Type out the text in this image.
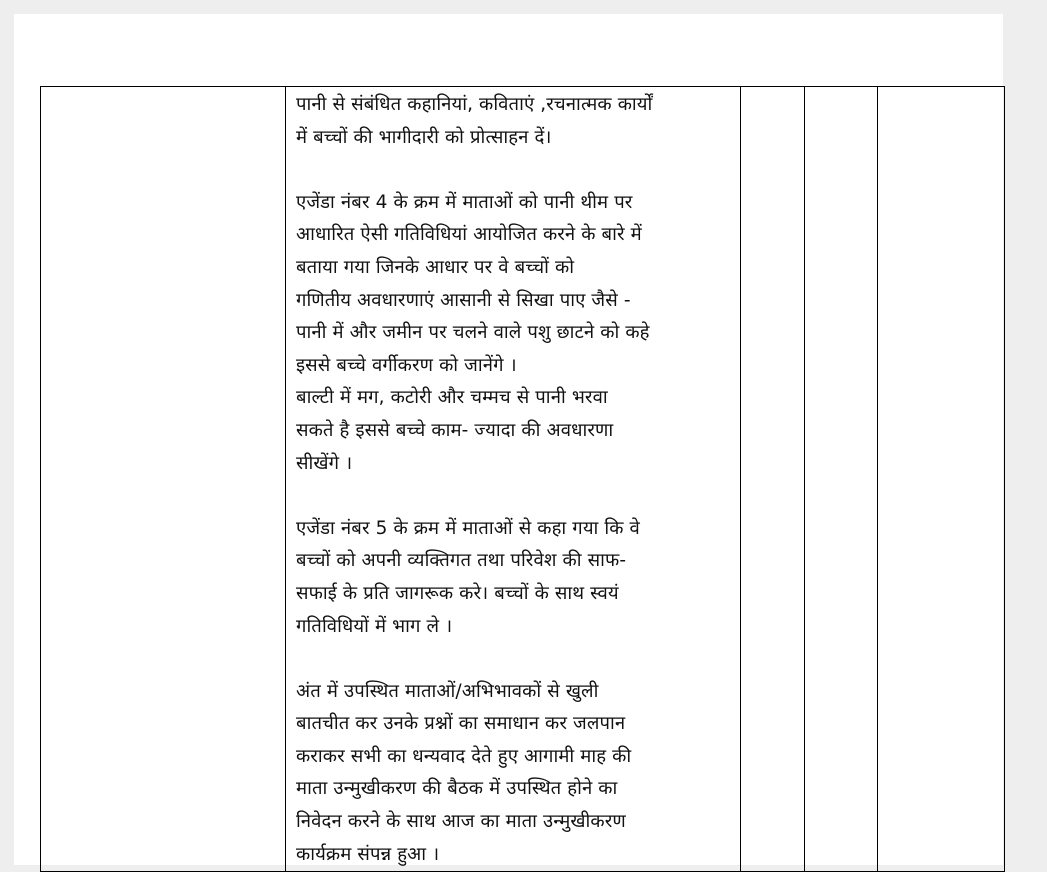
पानी से संबंधित कहानियां, कविताएं ,रचनात्मक कार्यों
में बच्चों की भागीदारी को प्रोत्साहन दें।
एजेंडा नंबर 4 के क्रम में माताओं को पानी थीम पर
आधारित ऐसी गतिविधियां आयोजित करने के बारे में
बताया गया जिनके आधार पर वे बच्चों को
गणितीय अवधारणाएं आसानी से सिखा पाए जैसे -
पानी में और जमीन पर चलने वाले पशु छाटने को कहे
इससे बच्चे वर्गीकरण को जानेंगे ।
बाल्टी में मग, कटोरी और चम्मच से पानी भरवा
सकते है इससे बच्चे काम- ज्यादा की अवधारणा
सीखेंगे ।
एजेंडा नंबर 5 के क्रम में माताओं से कहा गया कि वे
बच्चों को अपनी व्यक्तिगत तथा परिवेश की साफ-
सफाई के प्रति जागरूक करे। बच्चों के साथ स्वयं
गतिविधियों में भाग ले ।
अंत में उपस्थित माताओं/अभिभावकों से खुली
बातचीत कर उनके प्रश्नों का समाधान कर जलपान
कराकर सभी का धन्यवाद देते हुए आगामी माह की
माता उन्मुखीकरण की बैठक में उपस्थित होने का
निवेदन करने के साथ आज का माता उन्मुखीकरण
कार्यक्रम संपन्न हुआ ।
